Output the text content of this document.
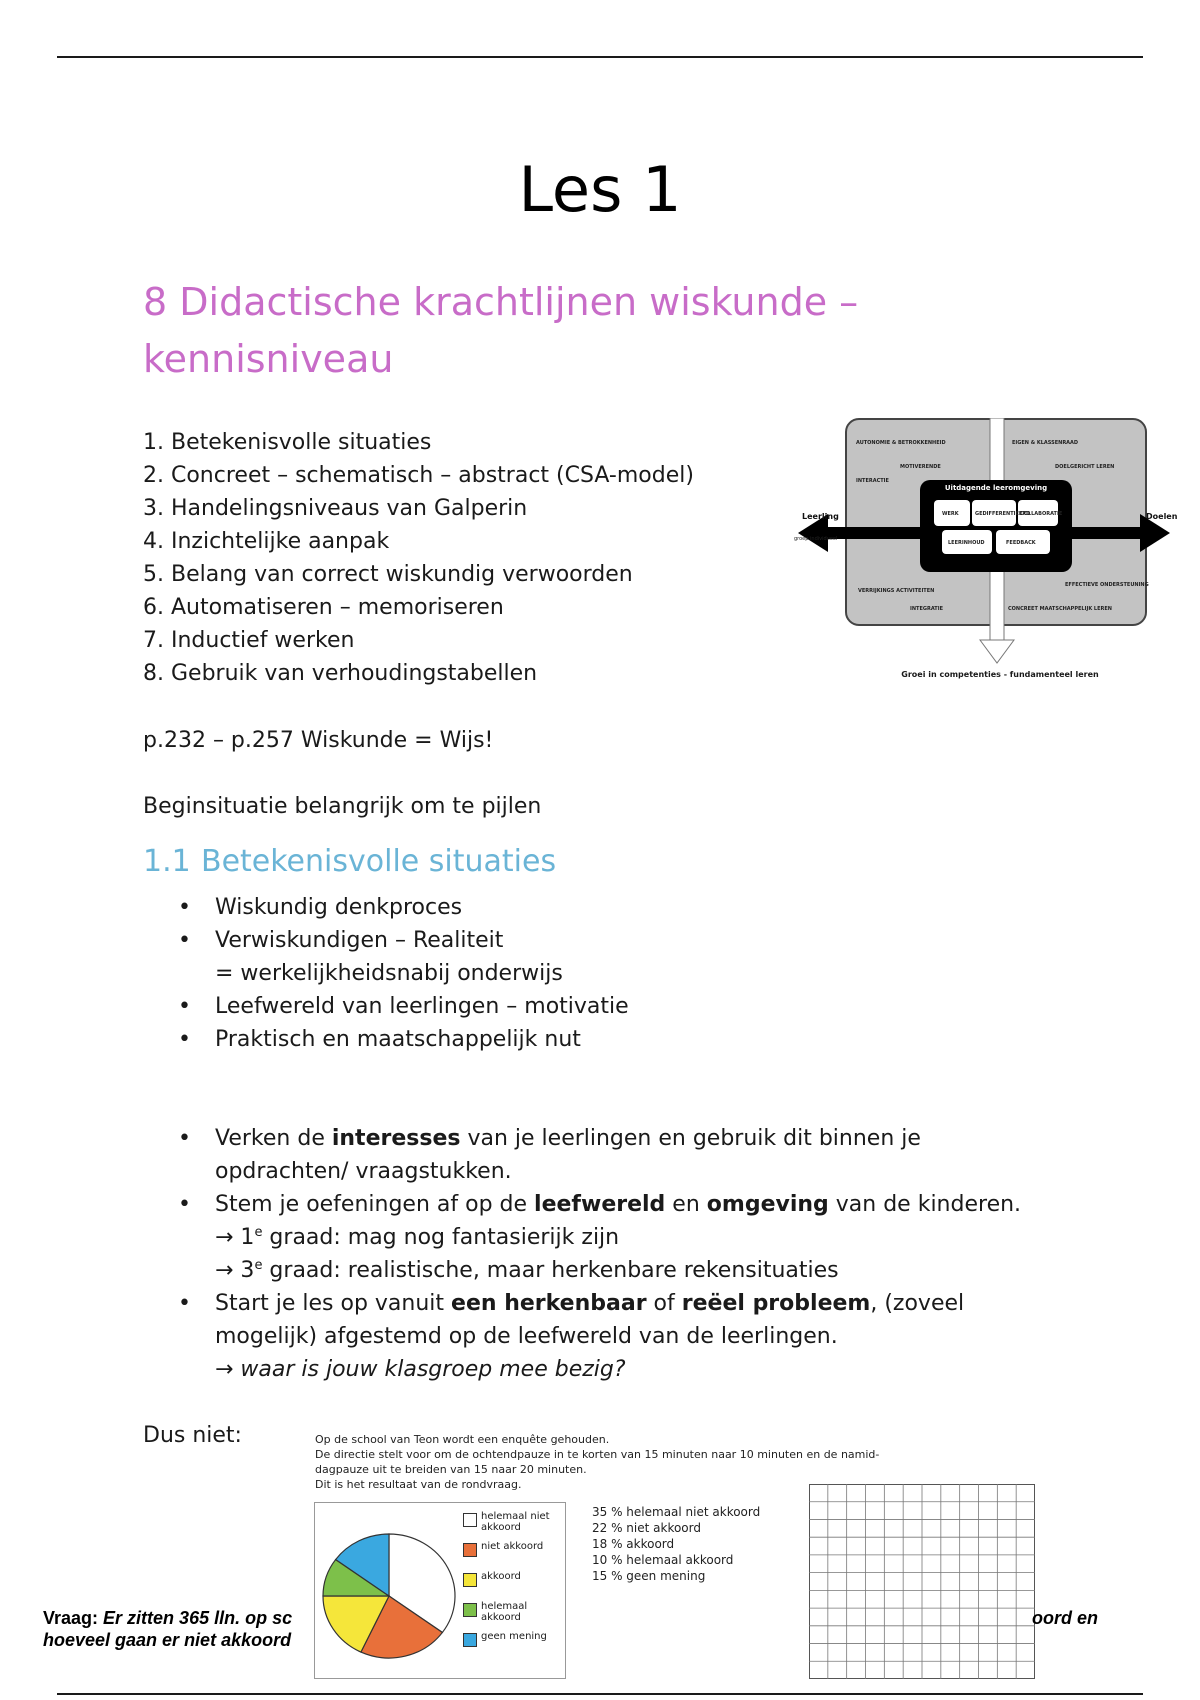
Les 1
8 Didactische krachtlijnen wiskunde – kennisniveau
1. Betekenisvolle situaties
2. Concreet – schematisch – abstract (CSA-model)
3. Handelingsniveaus van Galperin
4. Inzichtelijke aanpak
5. Belang van correct wiskundig verwoorden
6. Automatiseren – memoriseren
7. Inductief werken
8. Gebruik van verhoudingstabellen
Uitdagende leeromgeving
WERK	GEDIFFERENTIEERD
COLLABORATIE
LEERINHOUD	FEEDBACK
AUTONOMIE & BETROKKENHEID
MOTIVERENDE
INTERACTIE
EIGEN & KLASSENRAAD
DOELGERICHT LEREN
VERRIJKINGS ACTIVITEITEN
INTEGRATIE
EFFECTIEVE ONDERSTEUNING
CONCREET MAATSCHAPPELIJK LEREN
Leerling
groep individueel
Doelen
Groei in competenties - fundamenteel leren
p.232 – p.257 Wiskunde = Wijs!
Beginsituatie belangrijk om te pijlen
1.1 Betekenisvolle situaties
•
Wiskundig denkproces
•
Verwiskundigen – Realiteit
= werkelijkheidsnabij onderwijs
•
Leefwereld van leerlingen – motivatie
•
Praktisch en maatschappelijk nut
•
Verken de interesses van je leerlingen en gebruik dit binnen je
opdrachten/ vraagstukken.
•
Stem je oefeningen af op de leefwereld en omgeving van de kinderen.
→ $1^e$ graad: mag nog fantasierijk zijn
→ $3^e$ graad: realistische, maar herkenbare rekensituaties
•
Start je les op vanuit een herkenbaar of reëel probleem, (zoveel
mogelijk) afgestemd op de leefwereld van de leerlingen.
→ waar is jouw klasgroep mee bezig?
Dus niet:	Op de school van Teon wordt een enquête gehouden.
De directie stelt voor om de ochtendpauze in te korten van 15 minuten naar 10 minuten en de namid-
dagpauze uit te breiden van 15 naar 20 minuten.
Dit is het resultaat van de rondvraag.
helemaal niet akkoord
niet akkoord
akkoord
helemaal akkoord
geen mening
35 % helemaal niet akkoord
22 % niet akkoord
18 % akkoord
10 % helemaal akkoord
15 % geen mening
Vraag: Er zitten 365 lln. op sc
hoeveel gaan er niet akkoord
oord en
